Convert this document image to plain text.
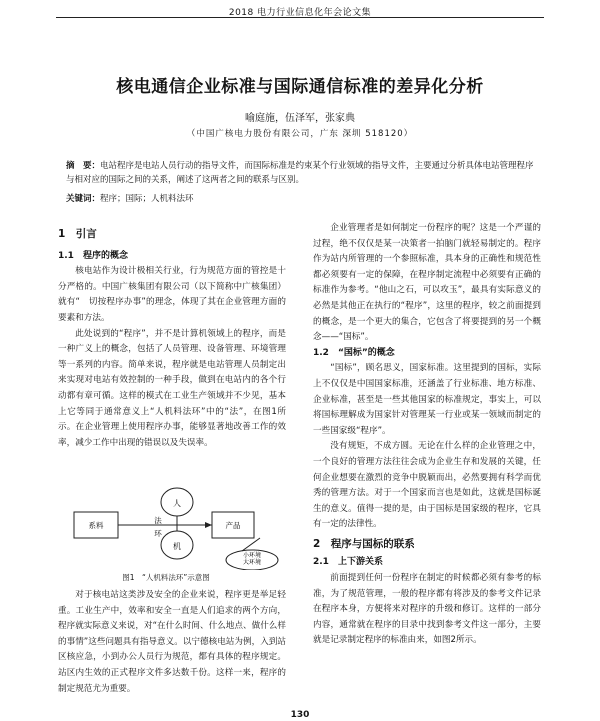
2018 电力行业信息化年会论文集
核电通信企业标准与国际通信标准的差异化分析
喻庭施，伍泽军，张家典
（中国广核电力股份有限公司，广东 深圳 518120）
摘　要：电站程序是电站人员行动的指导文件，而国际标准是约束某个行业领域的指导文件，主要通过分析具体电站管理程序与相对应的国际之间的关系，阐述了这两者之间的联系与区别。
关键词：程序；国际；人机料法环
1　引言
1.1　程序的概念

核电站作为设计极相关行业，行为规范方面的管控是十分严格的。中国广核集团有限公司（以下简称中广核集团）就有“　切按程序办事”的理念，体现了其在企业管理方面的要素和方法。

此处说到的“程序”，并不是计算机领域上的程序，而是一种广义上的概念，包括了人员管理、设备管理、环境管理等一系列的内容。简单来说，程序就是电站管理人员制定出来实现对电站有效控制的一种手段，做到在电站内的各个行动都有章可循。这样的模式在工业生产领域并不少见，基本上它等同于通常意义上“人机料法环”中的“法”，在图1所示。在企业管理上使用程序办事，能够显著地改善工作的效率，减少工作中出现的错误以及失误率。

人
机
系料	产品
法
环
小环境大环境
图1　“人机料法环”示意图

对于核电站这类涉及安全的企业来说，程序更是举足轻重。工业生产中，效率和安全一直是人们追求的两个方向，程序就实际意义来说，对“在什么时间、什么地点、做什么样的事情”这些问题具有指导意义。以宁德核电站为例，入到站区核应急，小到办公人员行为规范，都有具体的程序规定。站区内生效的正式程序文件多达数千份。这样一来，程序的制定规范尤为重要。

企业管理者是如何制定一份程序的呢？这是一个严谨的过程，绝不仅仅是某一决策者一拍脑门就轻易制定的。程序作为站内所管理的一个参照标准，具本身的正确性和规范性都必须要有一定的保障，在程序制定流程中必须要有正确的标准作为参考。“他山之石，可以攻玉”，最具有实际意义的必然是其他正在执行的“程序”，这里的程序，较之前面提到的概念，是一个更大的集合，它包含了将要提到的另一个概念——“国标”。

1.2　“国标”的概念

“国标”，顾名思义，国家标准。这里提到的国标，实际上不仅仅是中国国家标准，还涵盖了行业标准、地方标准、企业标准，甚至是一些其他国家的标准规定，事实上，可以将国标理解成为国家针对管理某一行业或某一领域而制定的一些国家级“程序”。

没有规矩，不成方圆。无论在什么样的企业管理之中，一个良好的管理方法往往会成为企业生存和发展的关键，任何企业想要在激烈的竞争中脱颖而出，必然要拥有科学而优秀的管理方法。对于一个国家而言也是如此，这就是国标诞生的意义。值得一提的是，由于国标是国家级的程序，它具有一定的法律性。

2　程序与国标的联系
2.1　上下游关系

前面提到任何一份程序在制定的时候都必须有参考的标准，为了规范管理，一般的程序都有将涉及的参考文件记录在程序本身，方便将来对程序的升级和修订。这样的一部分内容，通常就在程序的目录中找到参考文件这一部分，主要就是记录制定程序的标准由来，如图2所示。

130
